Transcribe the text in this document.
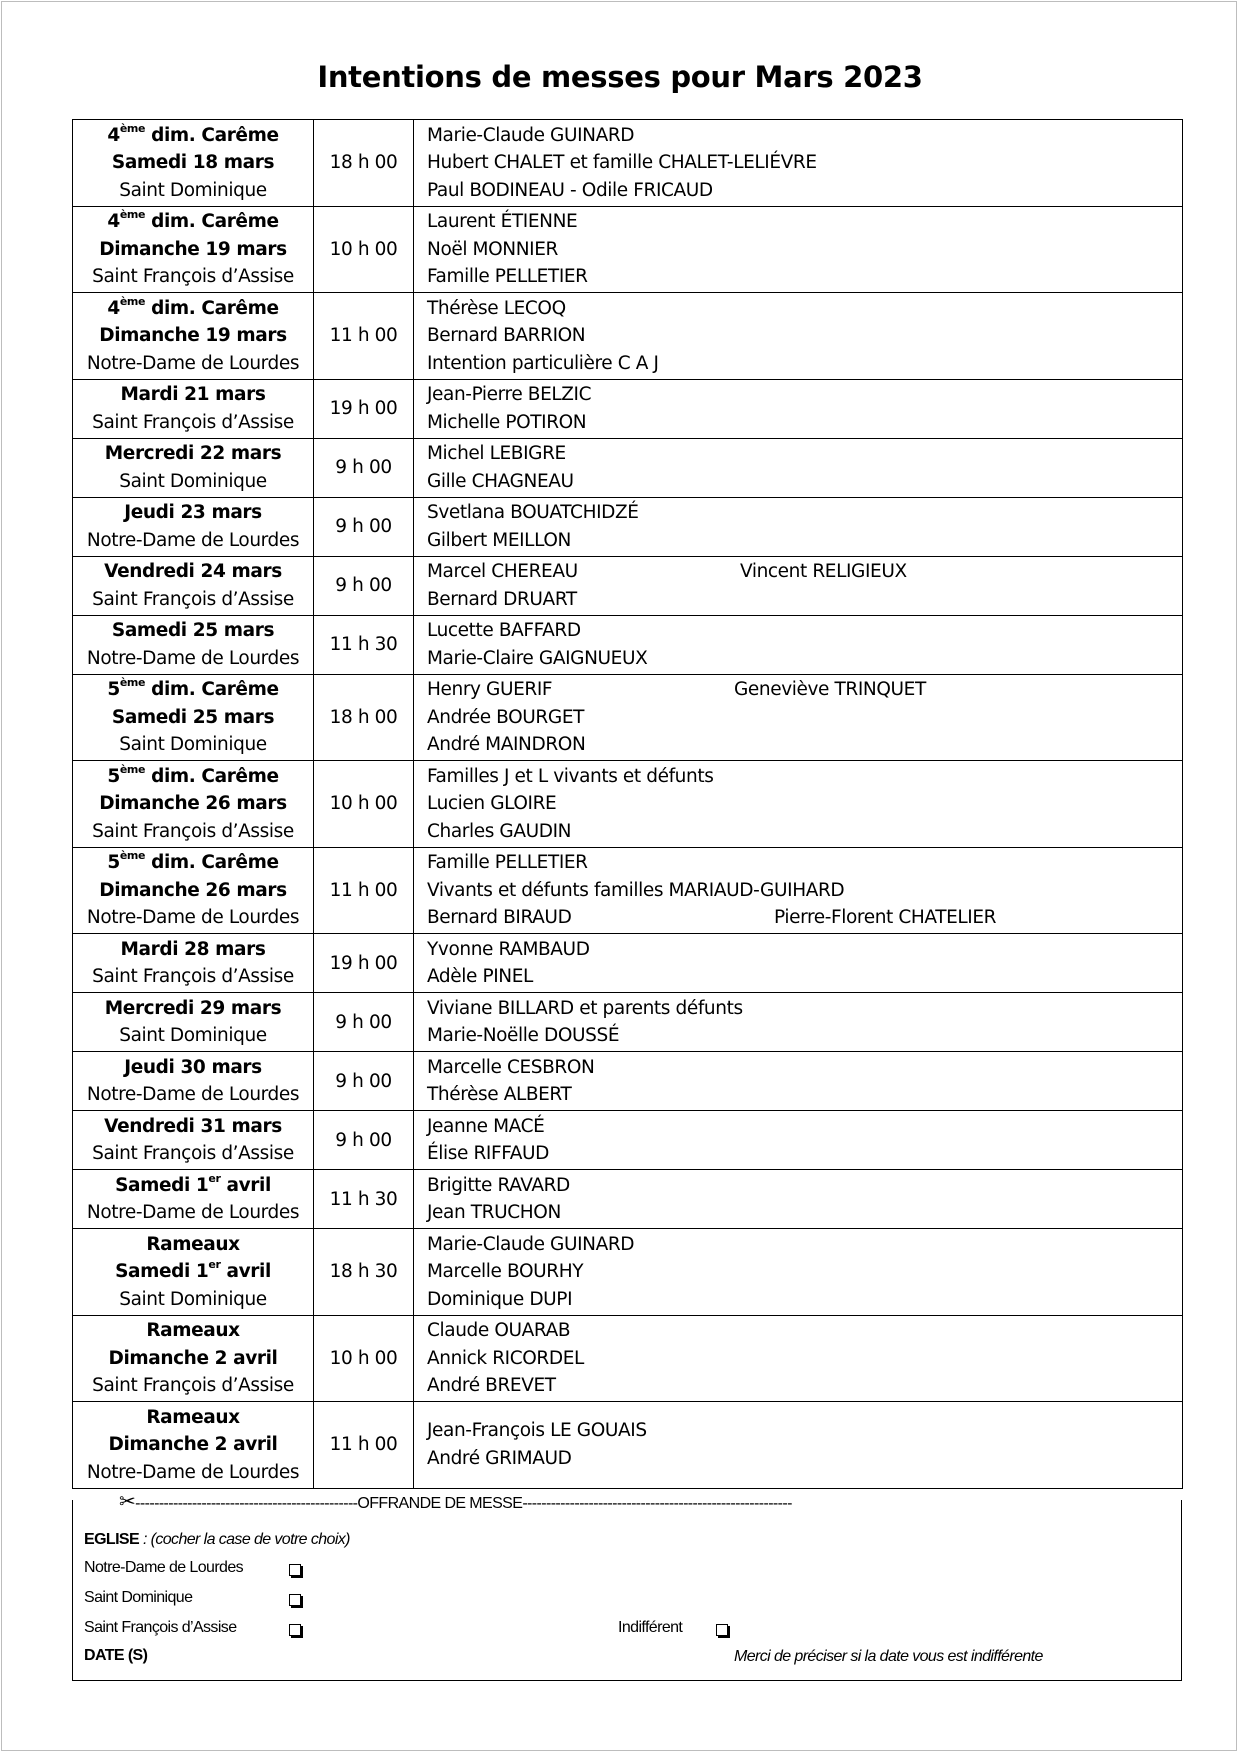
Intentions de messes pour Mars 2023
4ème dim. Carême
Samedi 18 mars
Saint Dominique	18 h 00	Marie-Claude GUINARD
Hubert CHALET et famille CHALET-LELIÉVRE
Paul BODINEAU - Odile FRICAUD

4ème dim. Carême
Dimanche 19 mars
Saint François d’Assise	10 h 00	Laurent ÉTIENNE
Noël MONNIER
Famille PELLETIER

4ème dim. Carême
Dimanche 19 mars
Notre-Dame de Lourdes	11 h 00	Thérèse LECOQ
Bernard BARRION
Intention particulière C A J

Mardi 21 mars
Saint François d’Assise	19 h 00	Jean-Pierre BELZIC
Michelle POTIRON

Mercredi 22 mars
Saint Dominique	9 h 00	Michel LEBIGRE
Gille CHAGNEAU

Jeudi 23 mars
Notre-Dame de Lourdes	9 h 00	Svetlana BOUATCHIDZÉ
Gilbert MEILLON

Vendredi 24 mars
Saint François d’Assise	9 h 00	Marcel CHEREAU Vincent RELIGIEUX
Bernard DRUART

Samedi 25 mars
Notre-Dame de Lourdes	11 h 30	Lucette BAFFARD
Marie-Claire GAIGNUEUX

5ème dim. Carême
Samedi 25 mars
Saint Dominique	18 h 00	Henry GUERIF Geneviève TRINQUET
Andrée BOURGET
André MAINDRON

5ème dim. Carême
Dimanche 26 mars
Saint François d’Assise	10 h 00	Familles J et L vivants et défunts
Lucien GLOIRE
Charles GAUDIN

5ème dim. Carême
Dimanche 26 mars
Notre-Dame de Lourdes	11 h 00	Famille PELLETIER
Vivants et défunts familles MARIAUD-GUIHARD
Bernard BIRAUD Pierre-Florent CHATELIER

Mardi 28 mars
Saint François d’Assise	19 h 00	Yvonne RAMBAUD
Adèle PINEL

Mercredi 29 mars
Saint Dominique	9 h 00	Viviane BILLARD et parents défunts
Marie-Noëlle DOUSSÉ

Jeudi 30 mars
Notre-Dame de Lourdes	9 h 00	Marcelle CESBRON
Thérèse ALBERT

Vendredi 31 mars
Saint François d’Assise	9 h 00	Jeanne MACÉ
Élise RIFFAUD

Samedi 1er avril
Notre-Dame de Lourdes	11 h 30	Brigitte RAVARD
Jean TRUCHON

Rameaux
Samedi 1er avril
Saint Dominique	18 h 30	Marie-Claude GUINARD
Marcelle BOURHY
Dominique DUPI

Rameaux
Dimanche 2 avril
Saint François d’Assise	10 h 00	Claude OUARAB
Annick RICORDEL
André BREVET

Rameaux
Dimanche 2 avril
Notre-Dame de Lourdes	11 h 00	Jean-François LE GOUAIS
André GRIMAUD
✂-----------------------------------------------OFFRANDE DE MESSE---------------------------------------------------------
EGLISE : (cocher la case de votre choix)
Notre-Dame de Lourdes
Saint Dominique
Saint François d’Assise	Indifférent
DATE (S)	Merci de préciser si la date vous est indifférente
